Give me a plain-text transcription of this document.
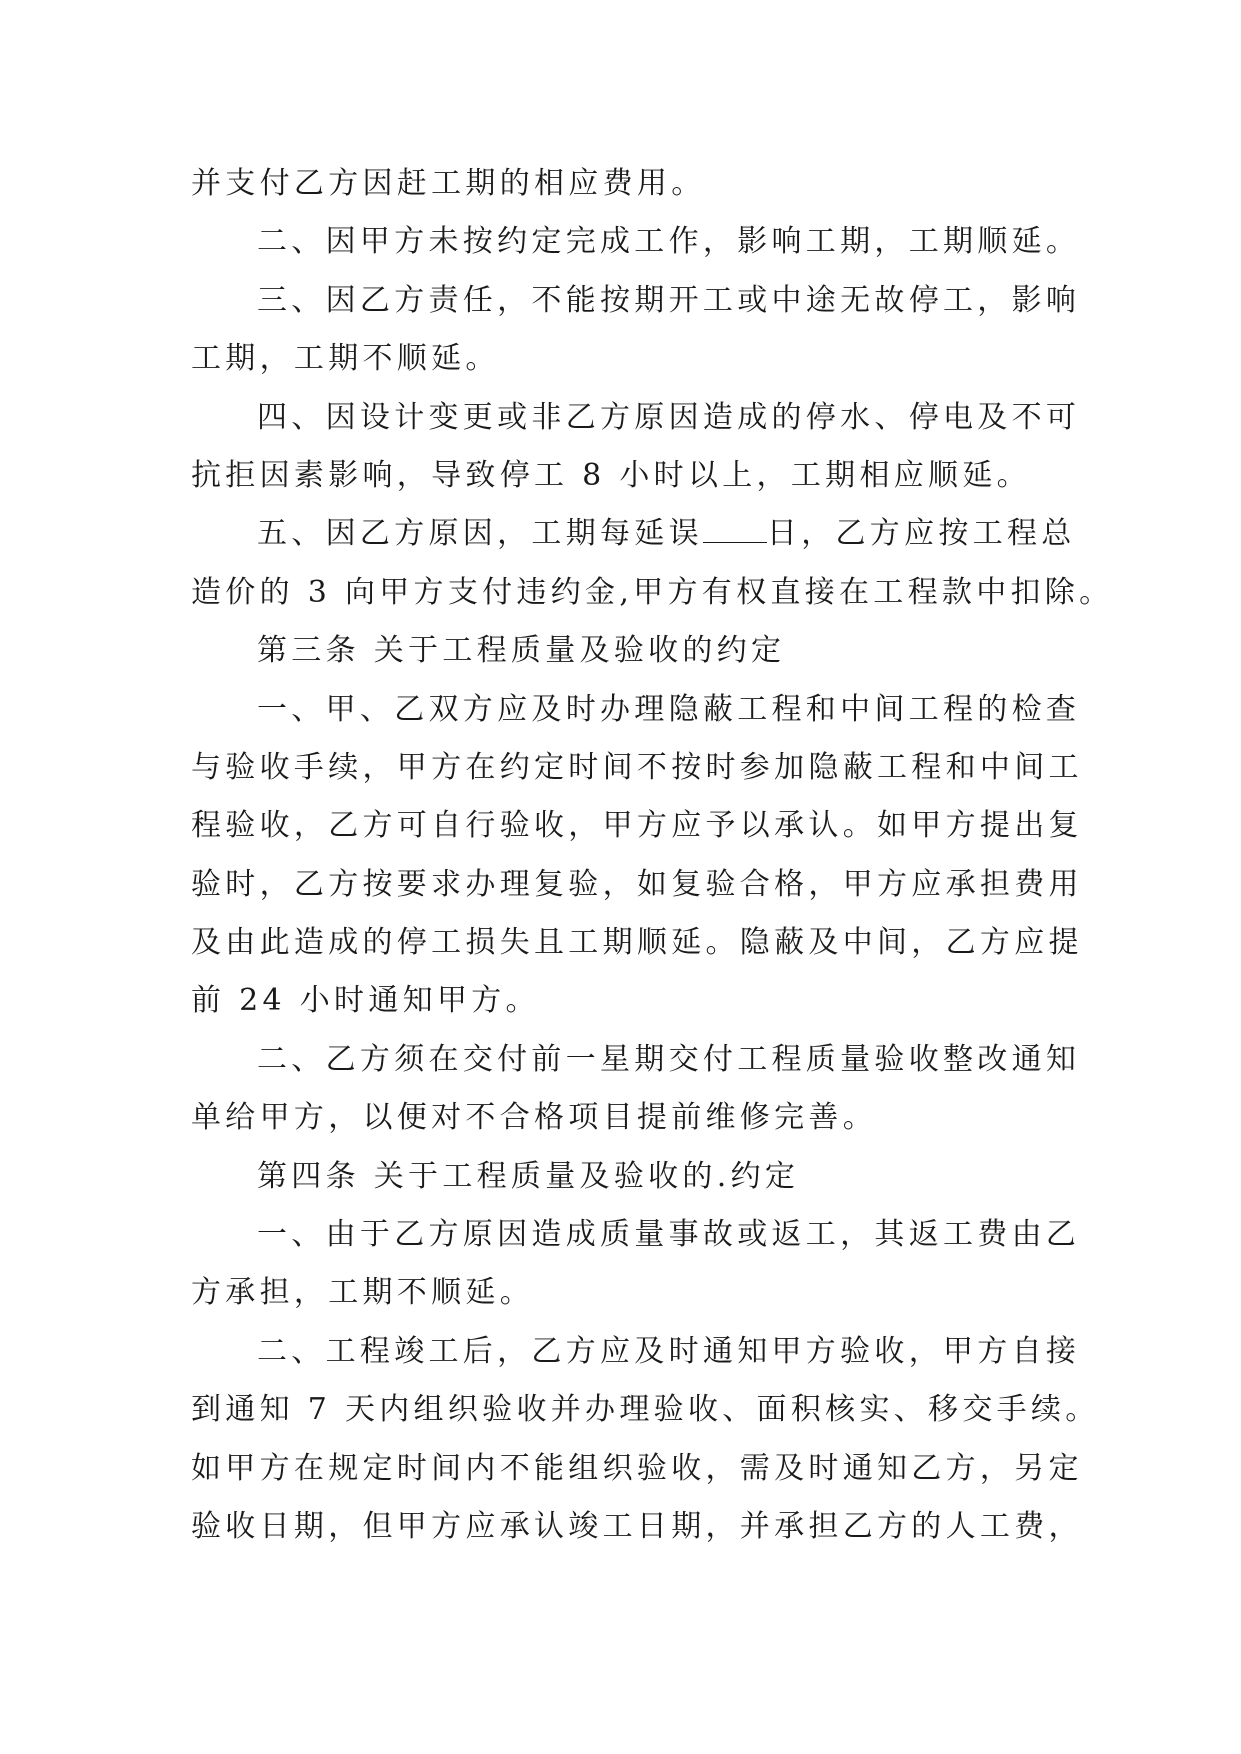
并支付乙方因赶工期的相应费用。
二、因甲方未按约定完成工作，影响工期，工期顺延。
三、因乙方责任，不能按期开工或中途无故停工，影响
工期，工期不顺延。
四、因设计变更或非乙方原因造成的停水、停电及不可
抗拒因素影响，导致停工 8 小时以上，工期相应顺延。
五、因乙方原因，工期每延误 日，乙方应按工程总
造价的 3 向甲方支付违约金,甲方有权直接在工程款中扣除。
第三条 关于工程质量及验收的约定
一、甲、乙双方应及时办理隐蔽工程和中间工程的检查
与验收手续，甲方在约定时间不按时参加隐蔽工程和中间工
程验收，乙方可自行验收，甲方应予以承认。如甲方提出复
验时，乙方按要求办理复验，如复验合格，甲方应承担费用
及由此造成的停工损失且工期顺延。隐蔽及中间，乙方应提
前 24 小时通知甲方。
二、乙方须在交付前一星期交付工程质量验收整改通知
单给甲方，以便对不合格项目提前维修完善。
第四条 关于工程质量及验收的.约定
一、由于乙方原因造成质量事故或返工，其返工费由乙
方承担，工期不顺延。
二、工程竣工后，乙方应及时通知甲方验收，甲方自接
到通知 7 天内组织验收并办理验收、面积核实、移交手续。
如甲方在规定时间内不能组织验收，需及时通知乙方，另定
验收日期，但甲方应承认竣工日期，并承担乙方的人工费，
